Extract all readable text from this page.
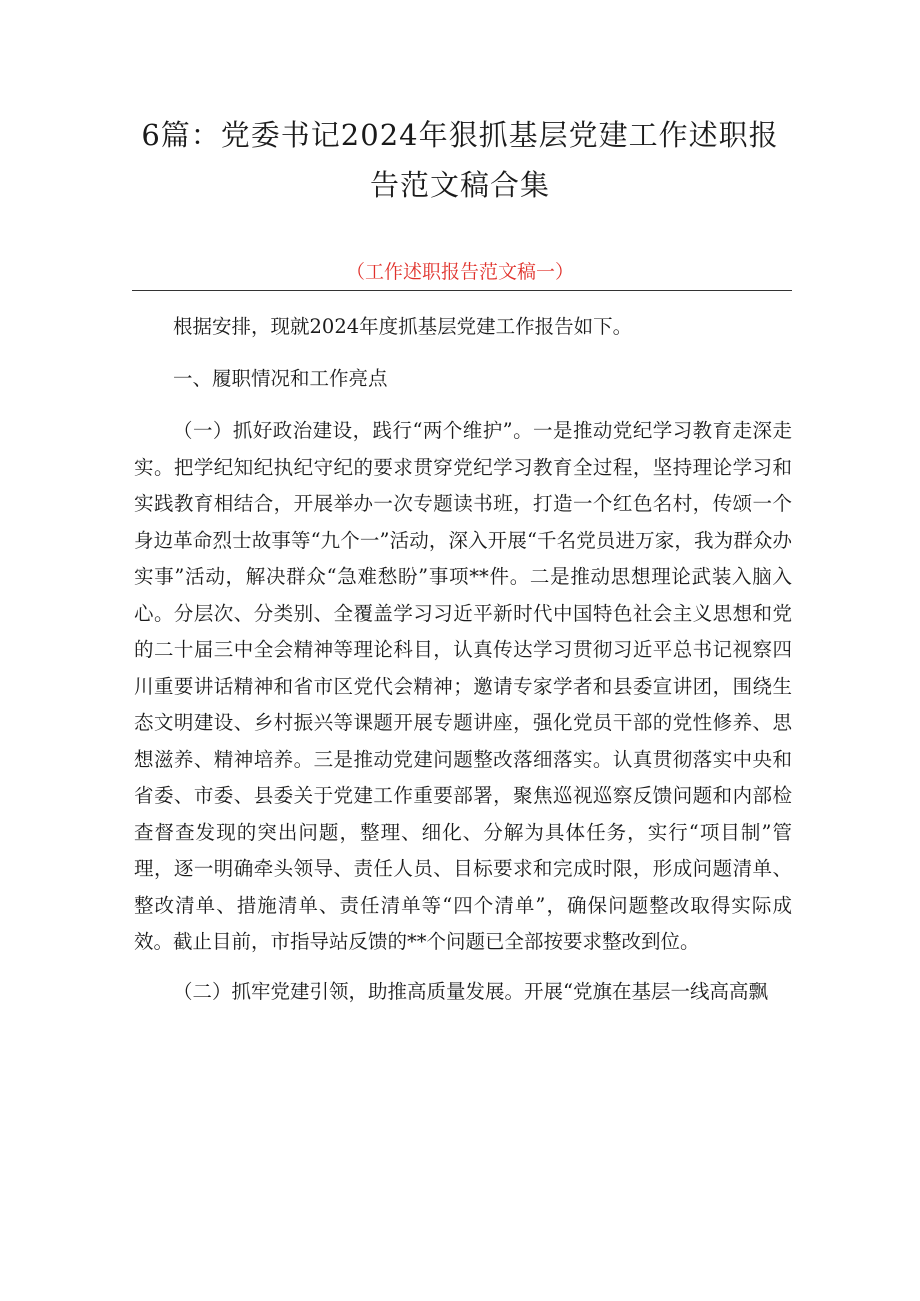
6篇：党委书记2024年狠抓基层党建工作述职报告范文稿合集
（工作述职报告范文稿一）

根据安排，现就2024年度抓基层党建工作报告如下。

一、履职情况和工作亮点

（一）抓好政治建设，践行“两个维护”。一是推动党纪学习教育走深走实。把学纪知纪执纪守纪的要求贯穿党纪学习教育全过程，坚持理论学习和实践教育相结合，开展举办一次专题读书班，打造一个红色名村，传颂一个身边革命烈士故事等“九个一”活动，深入开展“千名党员进万家，我为群众办实事”活动，解决群众“急难愁盼”事项**件。二是推动思想理论武装入脑入心。分层次、分类别、全覆盖学习习近平新时代中国特色社会主义思想和党的二十届三中全会精神等理论科目，认真传达学习贯彻习近平总书记视察四川重要讲话精神和省市区党代会精神；邀请专家学者和县委宣讲团，围绕生态文明建设、乡村振兴等课题开展专题讲座，强化党员干部的党性修养、思想滋养、精神培养。三是推动党建问题整改落细落实。认真贯彻落实中央和省委、市委、县委关于党建工作重要部署，聚焦巡视巡察反馈问题和内部检查督查发现的突出问题，整理、细化、分解为具体任务，实行“项目制”管理，逐一明确牵头领导、责任人员、目标要求和完成时限，形成问题清单、整改清单、措施清单、责任清单等“四个清单”，确保问题整改取得实际成效。截止目前，市指导站反馈的**个问题已全部按要求整改到位。

（二）抓牢党建引领，助推高质量发展。开展“党旗在基层一线高高飘
